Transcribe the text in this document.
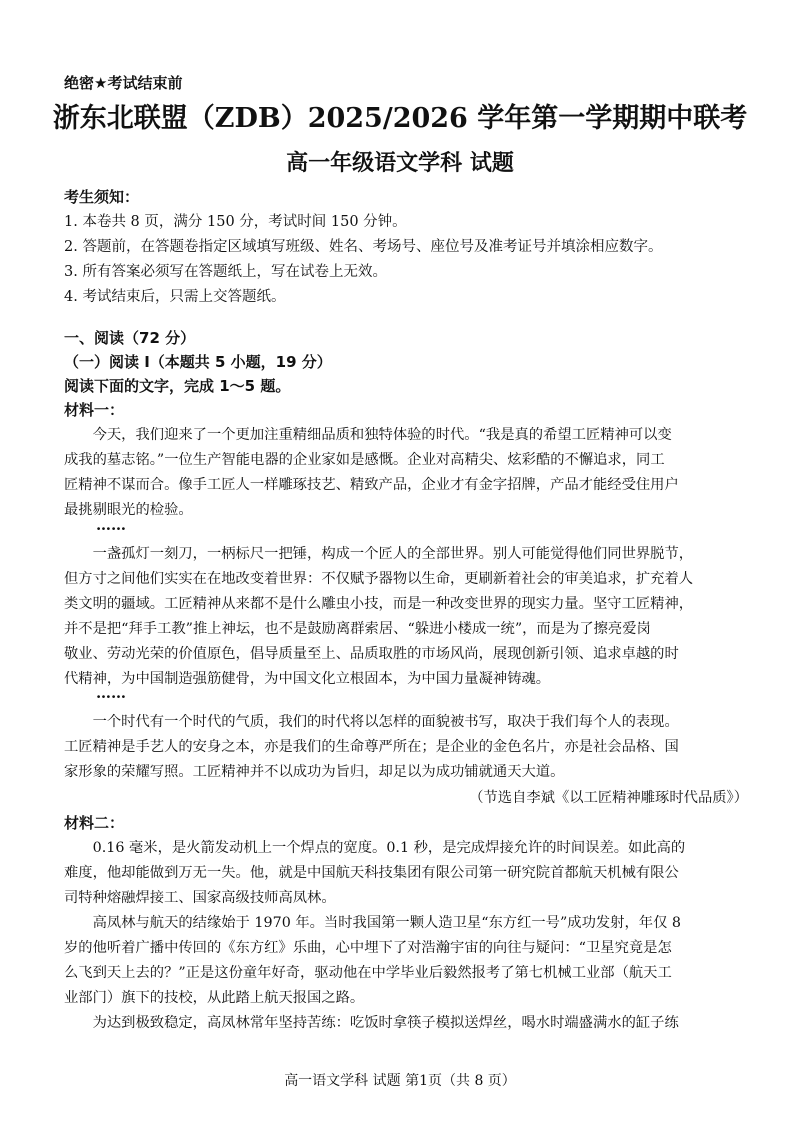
绝密★考试结束前
浙东北联盟（ZDB）2025/2026 学年第一学期期中联考
高一年级语文学科 试题
考生须知：
1. 本卷共 8 页，满分 150 分，考试时间 150 分钟。
2. 答题前，在答题卷指定区域填写班级、姓名、考场号、座位号及准考证号并填涂相应数字。
3. 所有答案必须写在答题纸上，写在试卷上无效。
4. 考试结束后，只需上交答题纸。
一、阅读（72 分）
（一）阅读 I（本题共 5 小题，19 分）
阅读下面的文字，完成 1～5 题。
材料一：
　　今天，我们迎来了一个更加注重精细品质和独特体验的时代。“我是真的希望工匠精神可以变
成我的墓志铭。”一位生产智能电器的企业家如是感慨。企业对高精尖、炫彩酷的不懈追求，同工
匠精神不谋而合。像手工匠人一样雕琢技艺、精致产品，企业才有金字招牌，产品才能经受住用户
最挑剔眼光的检验。
……
　　一盏孤灯一刻刀，一柄标尺一把锤，构成一个匠人的全部世界。别人可能觉得他们同世界脱节，
但方寸之间他们实实在在地改变着世界：不仅赋予器物以生命，更刷新着社会的审美追求，扩充着人
类文明的疆域。工匠精神从来都不是什么雕虫小技，而是一种改变世界的现实力量。坚守工匠精神，
并不是把“拜手工教”推上神坛，也不是鼓励离群索居、“躲进小楼成一统”，而是为了擦亮爱岗
敬业、劳动光荣的价值原色，倡导质量至上、品质取胜的市场风尚，展现创新引领、追求卓越的时
代精神，为中国制造强筋健骨，为中国文化立根固本，为中国力量凝神铸魂。
……
　　一个时代有一个时代的气质，我们的时代将以怎样的面貌被书写，取决于我们每个人的表现。
工匠精神是手艺人的安身之本，亦是我们的生命尊严所在；是企业的金色名片，亦是社会品格、国
家形象的荣耀写照。工匠精神并不以成功为旨归，却足以为成功铺就通天大道。
（节选自李斌《以工匠精神雕琢时代品质》）
材料二：
　　0.16 毫米，是火箭发动机上一个焊点的宽度。0.1 秒，是完成焊接允许的时间误差。如此高的
难度，他却能做到万无一失。他，就是中国航天科技集团有限公司第一研究院首都航天机械有限公
司特种熔融焊接工、国家高级技师高凤林。
　　高凤林与航天的结缘始于 1970 年。当时我国第一颗人造卫星“东方红一号”成功发射，年仅 8
岁的他听着广播中传回的《东方红》乐曲，心中埋下了对浩瀚宇宙的向往与疑问：“卫星究竟是怎
么飞到天上去的？”正是这份童年好奇，驱动他在中学毕业后毅然报考了第七机械工业部（航天工
业部门）旗下的技校，从此踏上航天报国之路。
　　为达到极致稳定，高凤林常年坚持苦练：吃饭时拿筷子模拟送焊丝，喝水时端盛满水的缸子练
高一语文学科 试题 第1页（共 8 页）
